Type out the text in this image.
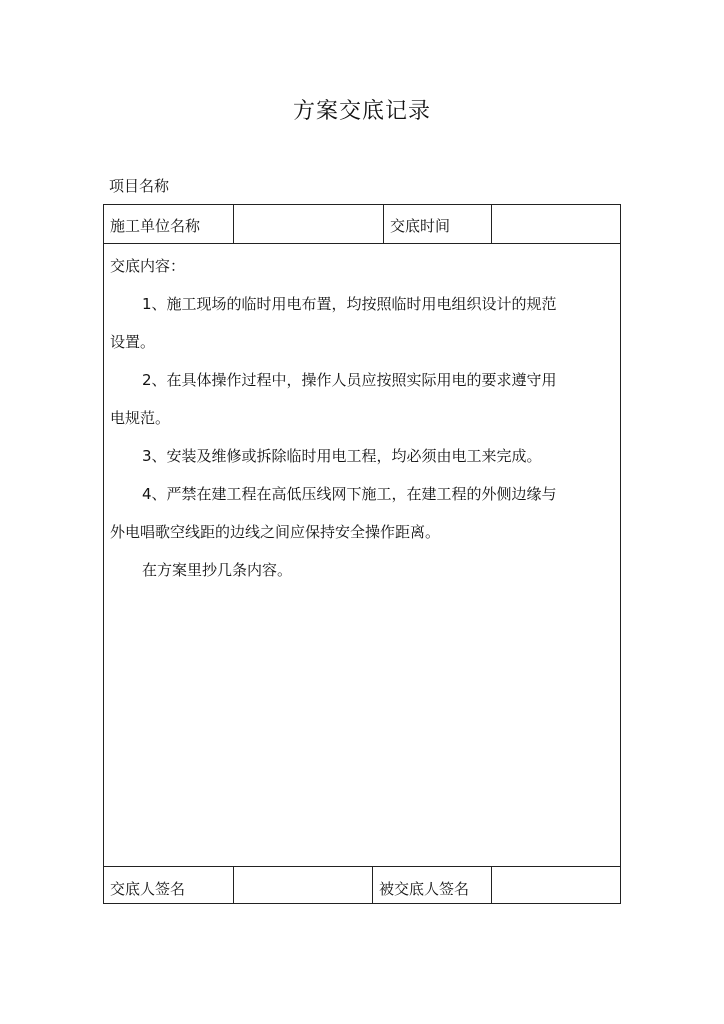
方案交底记录
项目名称
施工单位名称	交底时间
交底内容：
1、施工现场的临时用电布置，均按照临时用电组织设计的规范
设置。
2、在具体操作过程中，操作人员应按照实际用电的要求遵守用
电规范。
3、安装及维修或拆除临时用电工程，均必须由电工来完成。
4、严禁在建工程在高低压线网下施工，在建工程的外侧边缘与
外电唱歌空线距的边线之间应保持安全操作距离。
在方案里抄几条内容。
交底人签名	被交底人签名
